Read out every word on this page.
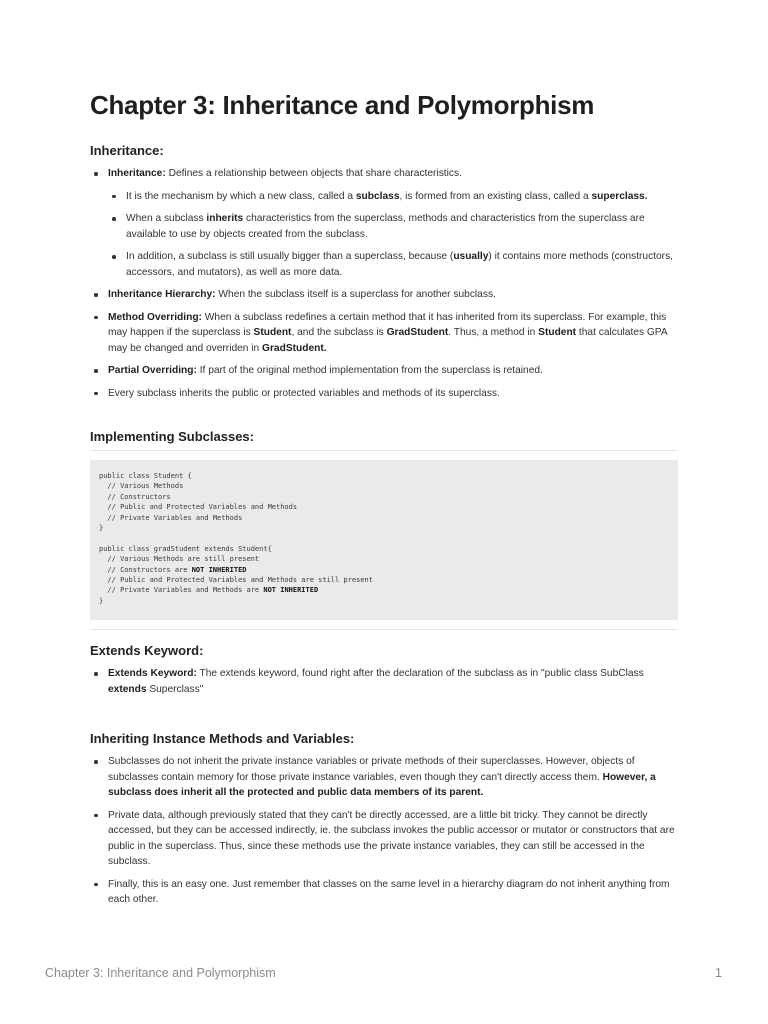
Chapter 3: Inheritance and Polymorphism
Inheritance:
Inheritance: Defines a relationship between objects that share characteristics.
It is the mechanism by which a new class, called a subclass, is formed from an existing class, called a superclass.
When a subclass inherits characteristics from the superclass, methods and characteristics from the superclass are available to use by objects created from the subclass.
In addition, a subclass is still usually bigger than a superclass, because (usually) it contains more methods (constructors, accessors, and mutators), as well as more data.
Inheritance Hierarchy: When the subclass itself is a superclass for another subclass.
Method Overriding: When a subclass redefines a certain method that it has inherited from its superclass. For example, this may happen if the superclass is Student, and the subclass is GradStudent. Thus, a method in Student that calculates GPA may be changed and overriden in GradStudent.
Partial Overriding: If part of the original method implementation from the superclass is retained.
Every subclass inherits the public or protected variables and methods of its superclass.
Implementing Subclasses:
public class Student {
// Various Methods
// Constructors
// Public and Protected Variables and Methods
// Private Variables and Methods
}
public class gradStudent extends Student{
// Various Methods are still present
// Constructors are NOT INHERITED
// Public and Protected Variables and Methods are still present
// Private Variables and Methods are NOT INHERITED
}
Extends Keyword:
Extends Keyword: The extends keyword, found right after the declaration of the subclass as in "public class SubClass extends Superclass"
Inheriting Instance Methods and Variables:
Subclasses do not inherit the private instance variables or private methods of their superclasses. However, objects of subclasses contain memory for those private instance variables, even though they can't directly access them. However, a subclass does inherit all the protected and public data members of its parent.
Private data, although previously stated that they can't be directly accessed, are a little bit tricky. They cannot be directly accessed, but they can be accessed indirectly, ie. the subclass invokes the public accessor or mutator or constructors that are public in the superclass. Thus, since these methods use the private instance variables, they can still be accessed in the subclass.
Finally, this is an easy one. Just remember that classes on the same level in a hierarchy diagram do not inherit anything from each other.
Chapter 3: Inheritance and Polymorphism	1
